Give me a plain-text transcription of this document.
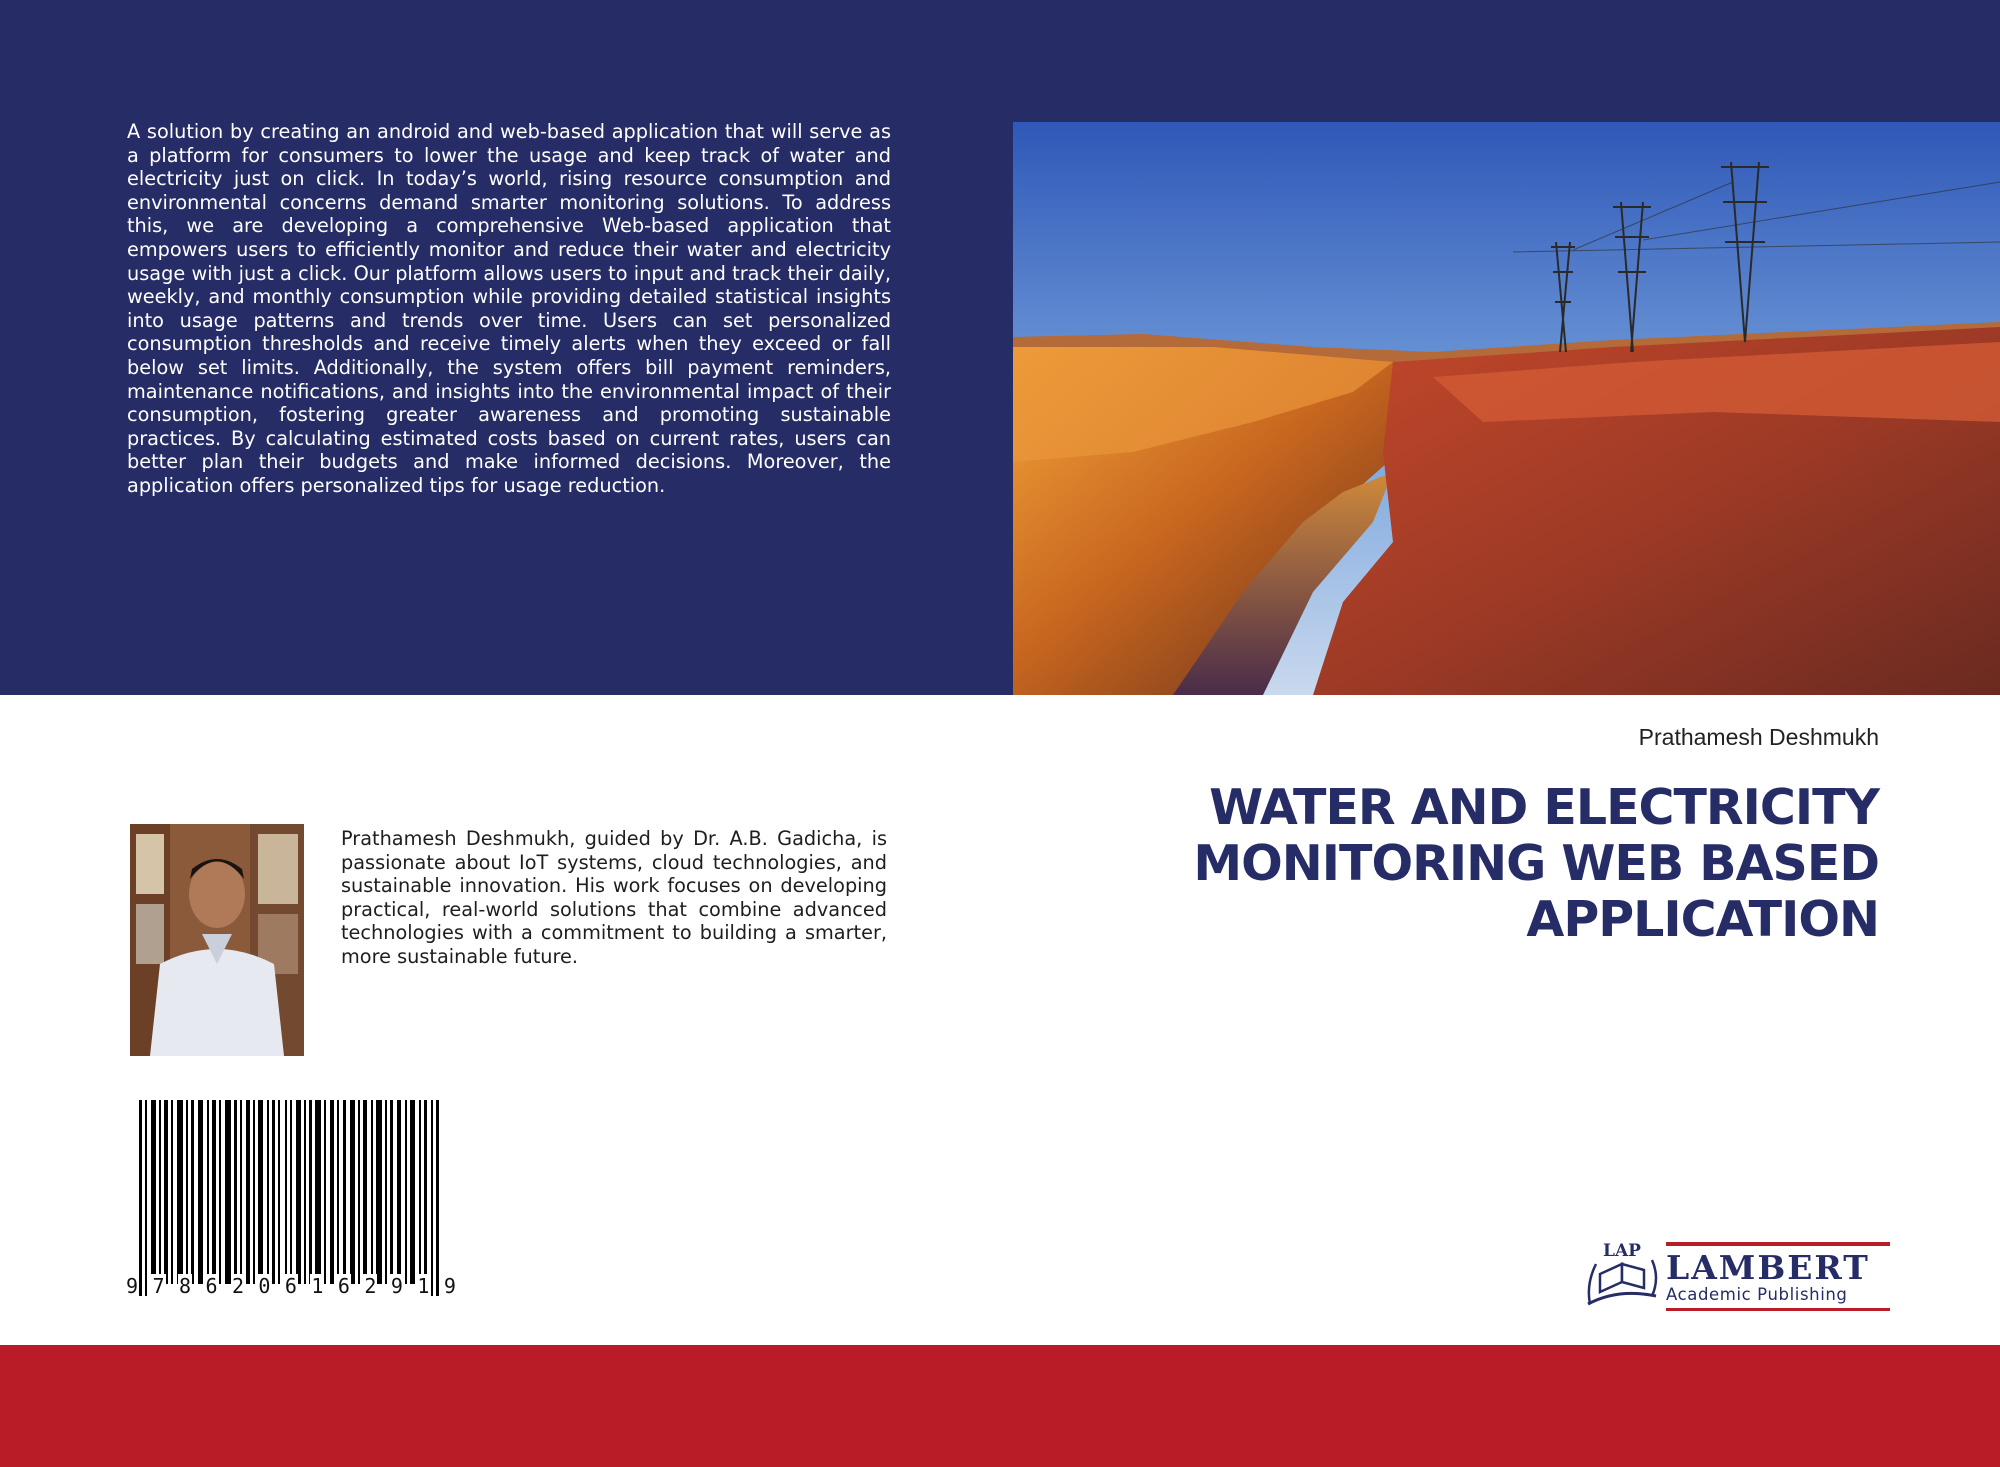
A solution by creating an android and web-based application that will serve as a platform for consumers to lower the usage and keep track of water and electricity just on click. In today’s world, rising resource consumption and environmental concerns demand smarter monitoring solutions. To address this, we are developing a comprehensive Web-based application that empowers users to efficiently monitor and reduce their water and electricity usage with just a click. Our platform allows users to input and track their daily, weekly, and monthly consumption while providing detailed statistical insights into usage patterns and trends over time. Users can set personalized consumption thresholds and receive timely alerts when they exceed or fall below set limits. Additionally, the system offers bill payment reminders, maintenance notifications, and insights into the environmental impact of their consumption, fostering greater awareness and promoting sustainable practices. By calculating estimated costs based on current rates, users can better plan their budgets and make informed decisions. Moreover, the application offers personalized tips for usage reduction.

Prathamesh Deshmukh

WATER AND ELECTRICITY MONITORING WEB BASED APPLICATION

Prathamesh Deshmukh, guided by Dr. A.B. Gadicha, is passionate about IoT systems, cloud technologies, and sustainable innovation. His work focuses on developing practical, real-world solutions that combine advanced technologies with a commitment to building a smarter, more sustainable future.

9 7 8 6 2 0 6 1 6 2 9 1 9
LAP LAMBERT

Academic Publishing
